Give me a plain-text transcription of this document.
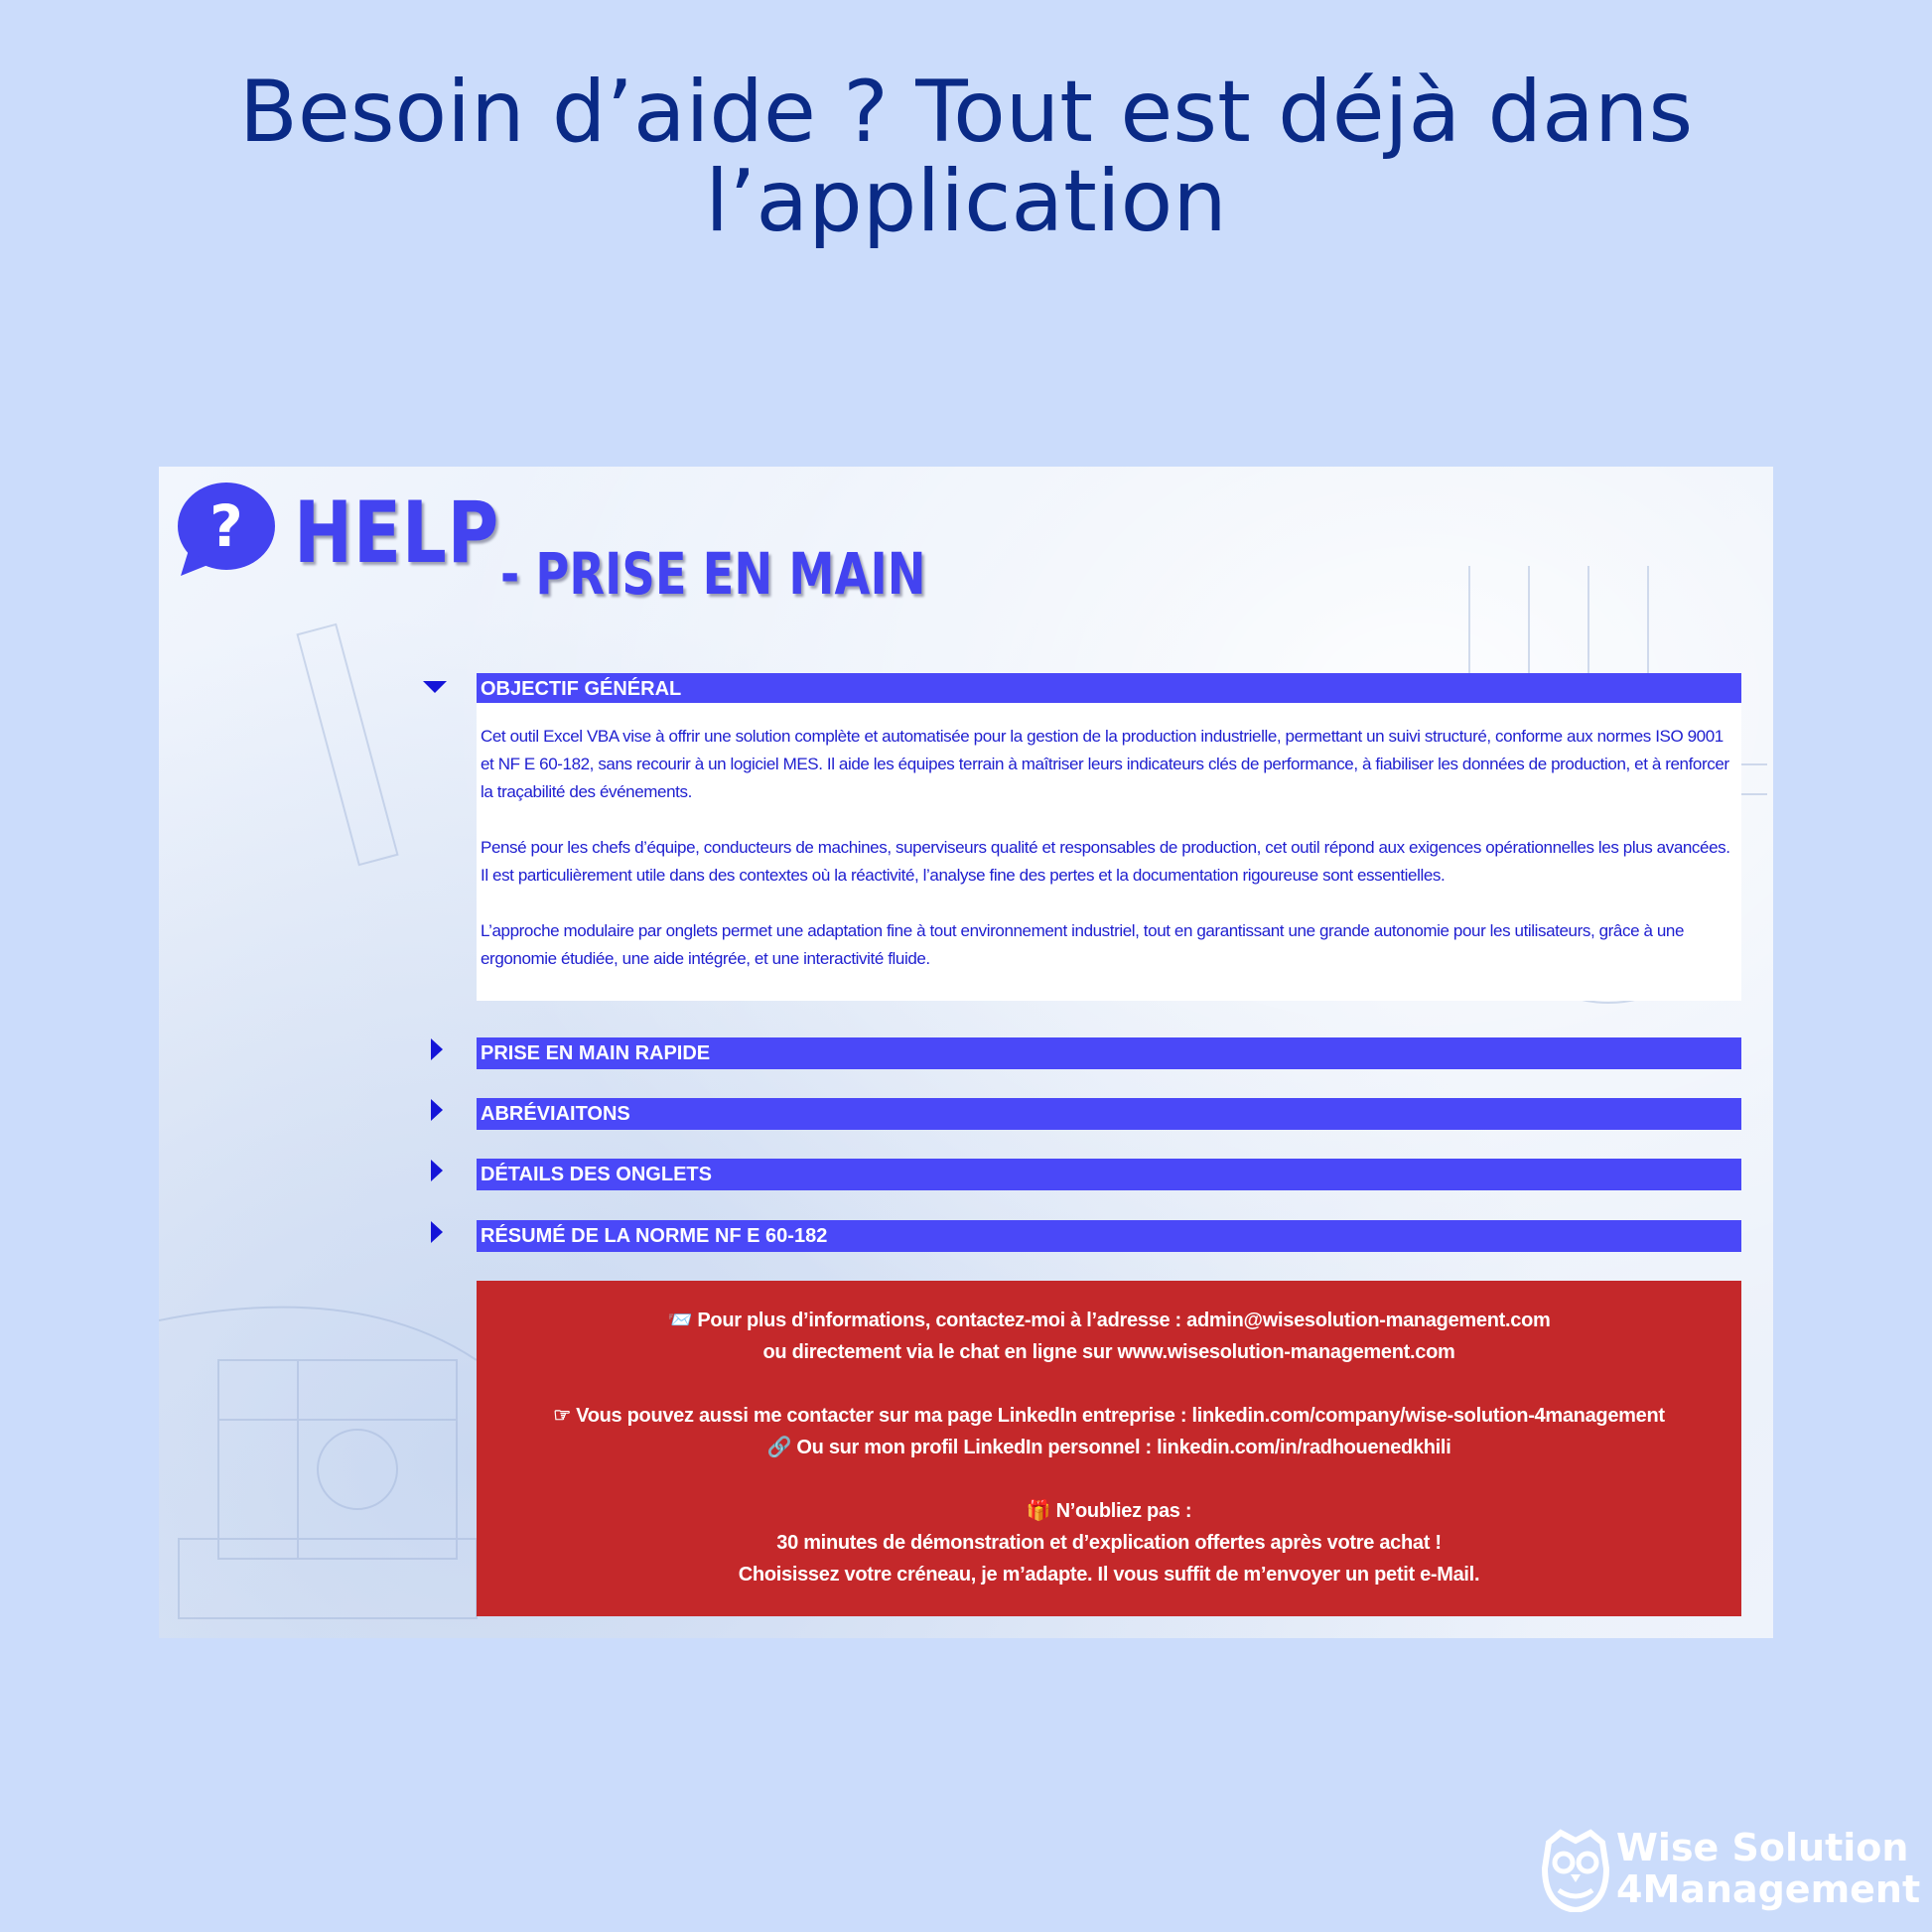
Besoin d’aide ? Tout est déjà dans
l’application
? HELP - PRISE EN MAIN
OBJECTIF GÉNÉRAL

Cet outil Excel VBA vise à offrir une solution complète et automatisée pour la gestion de la production industrielle, permettant un suivi structuré, conforme aux normes ISO 9001 et NF E 60-182, sans recourir à un logiciel MES. Il aide les équipes terrain à maîtriser leurs indicateurs clés de performance, à fiabiliser les données de production, et à renforcer la traçabilité des événements.

Pensé pour les chefs d’équipe, conducteurs de machines, superviseurs qualité et responsables de production, cet outil répond aux exigences opérationnelles les plus avancées. Il est particulièrement utile dans des contextes où la réactivité, l’analyse fine des pertes et la documentation rigoureuse sont essentielles.

L’approche modulaire par onglets permet une adaptation fine à tout environnement industriel, tout en garantissant une grande autonomie pour les utilisateurs, grâce à une ergonomie étudiée, une aide intégrée, et une interactivité fluide.

PRISE EN MAIN RAPIDE
ABRÉVIAITONS
DÉTAILS DES ONGLETS
RÉSUMÉ DE LA NORME NF E 60-182
📨 Pour plus d’informations, contactez-moi à l’adresse : admin@wisesolution-management.com
ou directement via le chat en ligne sur www.wisesolution-management.com
☞ Vous pouvez aussi me contacter sur ma page LinkedIn entreprise : linkedin.com/company/wise-solution-4management
🔗 Ou sur mon profil LinkedIn personnel : linkedin.com/in/radhouenedkhili
🎁 N’oubliez pas :
30 minutes de démonstration et d’explication offertes après votre achat !
Choisissez votre créneau, je m’adapte. Il vous suffit de m’envoyer un petit e-Mail.
Wise Solution
4Management
